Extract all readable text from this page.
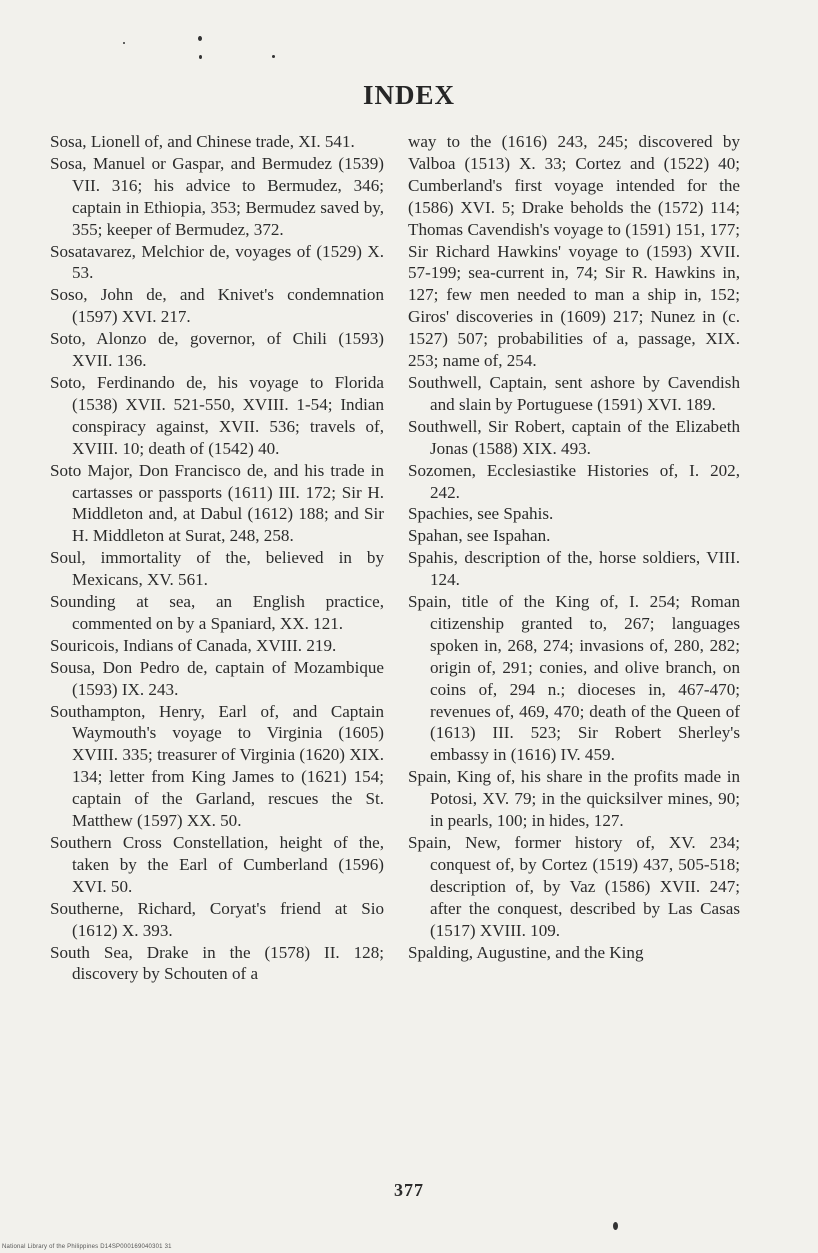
INDEX
Sosa, Lionell of, and Chinese trade, XI. 541.
Sosa, Manuel or Gaspar, and Bermudez (1539) VII. 316; his advice to Bermudez, 346; captain in Ethiopia, 353; Bermudez saved by, 355; keeper of Bermudez, 372.
Sosatavarez, Melchior de, voyages of (1529) X. 53.
Soso, John de, and Knivet's condemnation (1597) XVI. 217.
Soto, Alonzo de, governor, of Chili (1593) XVII. 136.
Soto, Ferdinando de, his voyage to Florida (1538) XVII. 521-550, XVIII. 1-54; Indian conspiracy against, XVII. 536; travels of, XVIII. 10; death of (1542) 40.
Soto Major, Don Francisco de, and his trade in cartasses or passports (1611) III. 172; Sir H. Middleton and, at Dabul (1612) 188; and Sir H. Middleton at Surat, 248, 258.
Soul, immortality of the, believed in by Mexicans, XV. 561.
Sounding at sea, an English practice, commented on by a Spaniard, XX. 121.
Souricois, Indians of Canada, XVIII. 219.
Sousa, Don Pedro de, captain of Mozambique (1593) IX. 243.
Southampton, Henry, Earl of, and Captain Waymouth's voyage to Virginia (1605) XVIII. 335; treasurer of Virginia (1620) XIX. 134; letter from King James to (1621) 154; captain of the Garland, rescues the St. Matthew (1597) XX. 50.
Southern Cross Constellation, height of the, taken by the Earl of Cumberland (1596) XVI. 50.
Southerne, Richard, Coryat's friend at Sio (1612) X. 393.
South Sea, Drake in the (1578) II. 128; discovery by Schouten of a
way to the (1616) 243, 245; discovered by Valboa (1513) X. 33; Cortez and (1522) 40; Cumberland's first voyage intended for the (1586) XVI. 5; Drake beholds the (1572) 114; Thomas Cavendish's voyage to (1591) 151, 177; Sir Richard Hawkins' voyage to (1593) XVII. 57-199; sea-current in, 74; Sir R. Hawkins in, 127; few men needed to man a ship in, 152; Giros' discoveries in (1609) 217; Nunez in (c. 1527) 507; probabilities of a, passage, XIX. 253; name of, 254.
Southwell, Captain, sent ashore by Cavendish and slain by Portuguese (1591) XVI. 189.
Southwell, Sir Robert, captain of the Elizabeth Jonas (1588) XIX. 493.
Sozomen, Ecclesiastike Histories of, I. 202, 242.
Spachies, see Spahis.
Spahan, see Ispahan.
Spahis, description of the, horse soldiers, VIII. 124.
Spain, title of the King of, I. 254; Roman citizenship granted to, 267; languages spoken in, 268, 274; invasions of, 280, 282; origin of, 291; conies, and olive branch, on coins of, 294 n.; dioceses in, 467-470; revenues of, 469, 470; death of the Queen of (1613) III. 523; Sir Robert Sherley's embassy in (1616) IV. 459.
Spain, King of, his share in the profits made in Potosi, XV. 79; in the quicksilver mines, 90; in pearls, 100; in hides, 127.
Spain, New, former history of, XV. 234; conquest of, by Cortez (1519) 437, 505-518; description of, by Vaz (1586) XVII. 247; after the conquest, described by Las Casas (1517) XVIII. 109.
Spalding, Augustine, and the King
377
National Library of the Philippines D14SP000169040301 31
